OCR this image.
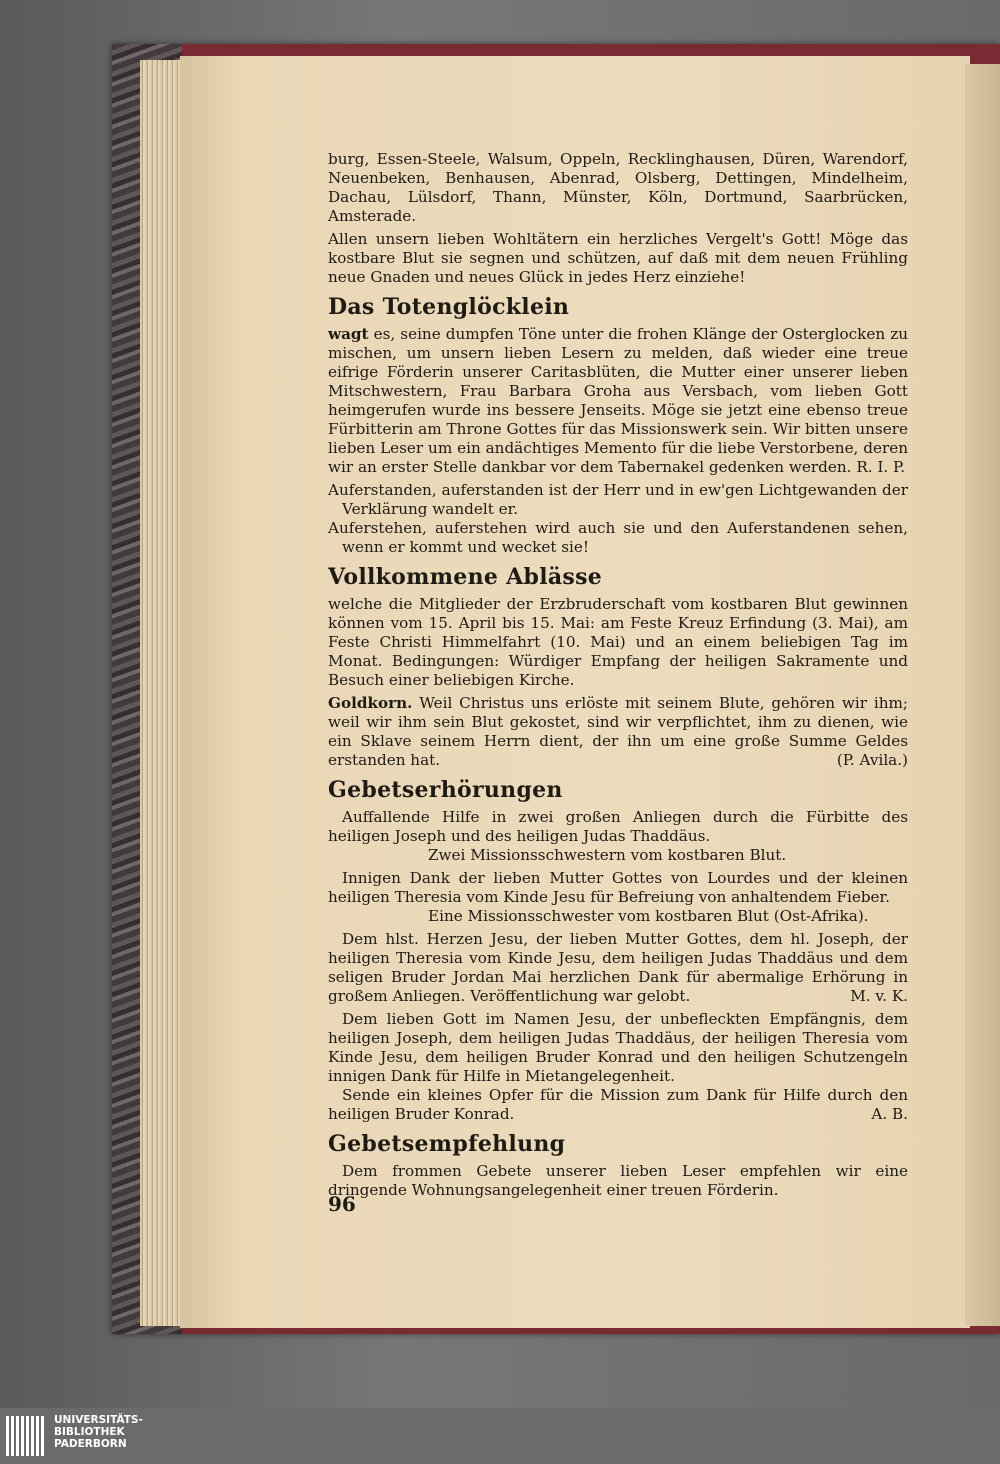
burg, Essen-Steele, Walsum, Oppeln, Recklinghausen, Düren, Warendorf, Neuenbeken, Benhausen, Abenrad, Olsberg, Dettingen, Mindelheim, Dachau, Lülsdorf, Thann, Münster, Köln, Dortmund, Saarbrücken, Amsterade.

Allen unsern lieben Wohltätern ein herzliches Vergelt's Gott! Möge das kostbare Blut sie segnen und schützen, auf daß mit dem neuen Frühling neue Gnaden und neues Glück in jedes Herz einziehe!

Das Totenglöcklein

wagt es, seine dumpfen Töne unter die frohen Klänge der Osterglocken zu mischen, um unsern lieben Lesern zu melden, daß wieder eine treue eifrige Förderin unserer Caritasblüten, die Mutter einer unserer lieben Mitschwestern, Frau Barbara Groha aus Versbach, vom lieben Gott heimgerufen wurde ins bessere Jenseits. Möge sie jetzt eine ebenso treue Fürbitterin am Throne Gottes für das Missionswerk sein. Wir bitten unsere lieben Leser um ein andächtiges Memento für die liebe Verstorbene, deren wir an erster Stelle dankbar vor dem Tabernakel gedenken werden. R. I. P.

Auferstanden, auferstanden ist der Herr und in ew'gen Lichtgewanden der Verklärung wandelt er.

Auferstehen, auferstehen wird auch sie und den Auferstandenen sehen, wenn er kommt und wecket sie!

Vollkommene Ablässe

welche die Mitglieder der Erzbruderschaft vom kostbaren Blut gewinnen können vom 15. April bis 15. Mai: am Feste Kreuz Erfindung (3. Mai), am Feste Christi Himmelfahrt (10. Mai) und an einem beliebigen Tag im Monat. Bedingungen: Würdiger Empfang der heiligen Sakramente und Besuch einer beliebigen Kirche.

Goldkorn. Weil Christus uns erlöste mit seinem Blute, gehören wir ihm; weil wir ihm sein Blut gekostet, sind wir verpflichtet, ihm zu dienen, wie ein Sklave seinem Herrn dient, der ihn um eine große Summe Geldes erstanden hat.	(P. Avila.)

Gebetserhörungen

Auffallende Hilfe in zwei großen Anliegen durch die Fürbitte des heiligen Joseph und des heiligen Judas Thaddäus.

Zwei Missionsschwestern vom kostbaren Blut.

Innigen Dank der lieben Mutter Gottes von Lourdes und der kleinen heiligen Theresia vom Kinde Jesu für Befreiung von anhaltendem Fieber.

Eine Missionsschwester vom kostbaren Blut (Ost-Afrika).

Dem hlst. Herzen Jesu, der lieben Mutter Gottes, dem hl. Joseph, der heiligen Theresia vom Kinde Jesu, dem heiligen Judas Thaddäus und dem seligen Bruder Jordan Mai herzlichen Dank für abermalige Erhörung in großem Anliegen. Veröffentlichung war gelobt.	M. v. K.

Dem lieben Gott im Namen Jesu, der unbefleckten Empfängnis, dem heiligen Joseph, dem heiligen Judas Thaddäus, der heiligen Theresia vom Kinde Jesu, dem heiligen Bruder Konrad und den heiligen Schutzengeln innigen Dank für Hilfe in Mietangelegenheit.

Sende ein kleines Opfer für die Mission zum Dank für Hilfe durch den heiligen Bruder Konrad.	A. B.

Gebetsempfehlung

Dem frommen Gebete unserer lieben Leser empfehlen wir eine dringende Wohnungsangelegenheit einer treuen Förderin.

96
UNIVERSITÄTS-
BIBLIOTHEK
PADERBORN
